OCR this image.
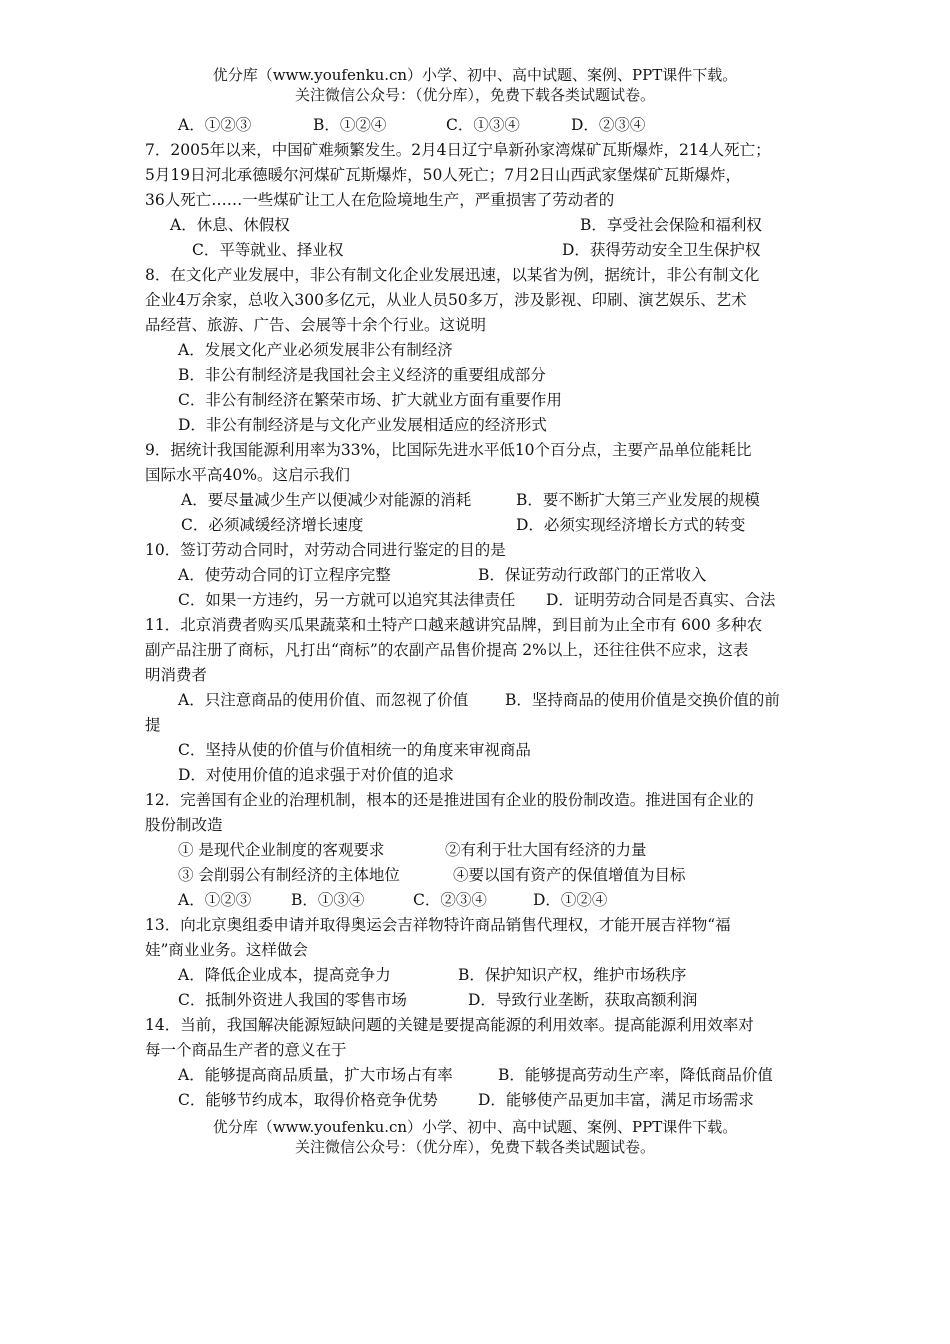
优分库（www.youfenku.cn）小学、初中、高中试题、案例、PPT课件下载。
关注微信公众号：（优分库），免费下载各类试题试卷。
A．①②③	B．①②④	C．①③④	D．②③④
7．2005年以来，中国矿难频繁发生。2月4日辽宁阜新孙家湾煤矿瓦斯爆炸，214人死亡；
5月19日河北承德暖尔河煤矿瓦斯爆炸，50人死亡；7月2日山西武家堡煤矿瓦斯爆炸，
36人死亡……一些煤矿让工人在危险境地生产，严重损害了劳动者的
A．休息、休假权	B．享受社会保险和福利权
C．平等就业、择业权	D．获得劳动安全卫生保护权
8．在文化产业发展中，非公有制文化企业发展迅速，以某省为例，据统计，非公有制文化
企业4万余家，总收入300多亿元，从业人员50多万，涉及影视、印刷、演艺娱乐、艺术
品经营、旅游、广告、会展等十余个行业。这说明
A．发展文化产业必须发展非公有制经济
B．非公有制经济是我国社会主义经济的重要组成部分
C．非公有制经济在繁荣市场、扩大就业方面有重要作用
D．非公有制经济是与文化产业发展相适应的经济形式
9．据统计我国能源利用率为33%，比国际先进水平低10个百分点，主要产品单位能耗比
国际水平高40%。这启示我们
A．要尽量减少生产以便减少对能源的消耗	B．要不断扩大第三产业发展的规模
C．必须减缓经济增长速度	D．必须实现经济增长方式的转变
10．签订劳动合同时，对劳动合同进行鉴定的目的是
A．使劳动合同的订立程序完整	B．保证劳动行政部门的正常收入
C．如果一方违约，另一方就可以追究其法律责任	D．证明劳动合同是否真实、合法
11．北京消费者购买瓜果蔬菜和土特产口越来越讲究品牌，到目前为止全市有 600 多种农
副产品注册了商标，凡打出“商标”的农副产品售价提高 2%以上，还往往供不应求，这表
明消费者
A．只注意商品的使用价值、而忽视了价值	B．坚持商品的使用价值是交换价值的前
提
C．坚持从使的价值与价值相统一的角度来审视商品
D．对使用价值的追求强于对价值的追求
12．完善国有企业的治理机制，根本的还是推进国有企业的股份制改造。推进国有企业的
股份制改造
① 是现代企业制度的客观要求	②有利于壮大国有经济的力量
③ 会削弱公有制经济的主体地位	④要以国有资产的保值增值为目标
A．①②③	B．①③④	C．②③④	D．①②④
13．向北京奥组委申请并取得奥运会吉祥物特许商品销售代理权，才能开展吉祥物“福
娃”商业业务。这样做会
A．降低企业成本，提高竞争力	B．保护知识产权，维护市场秩序
C．抵制外资进人我国的零售市场	D．导致行业垄断，获取高额利润
14．当前，我国解决能源短缺问题的关键是要提高能源的利用效率。提高能源利用效率对
每一个商品生产者的意义在于
A．能够提高商品质量，扩大市场占有率	B．能够提高劳动生产率，降低商品价值
C．能够节约成本，取得价格竞争优势	D．能够使产品更加丰富，满足市场需求
优分库（www.youfenku.cn）小学、初中、高中试题、案例、PPT课件下载。
关注微信公众号：（优分库），免费下载各类试题试卷。
